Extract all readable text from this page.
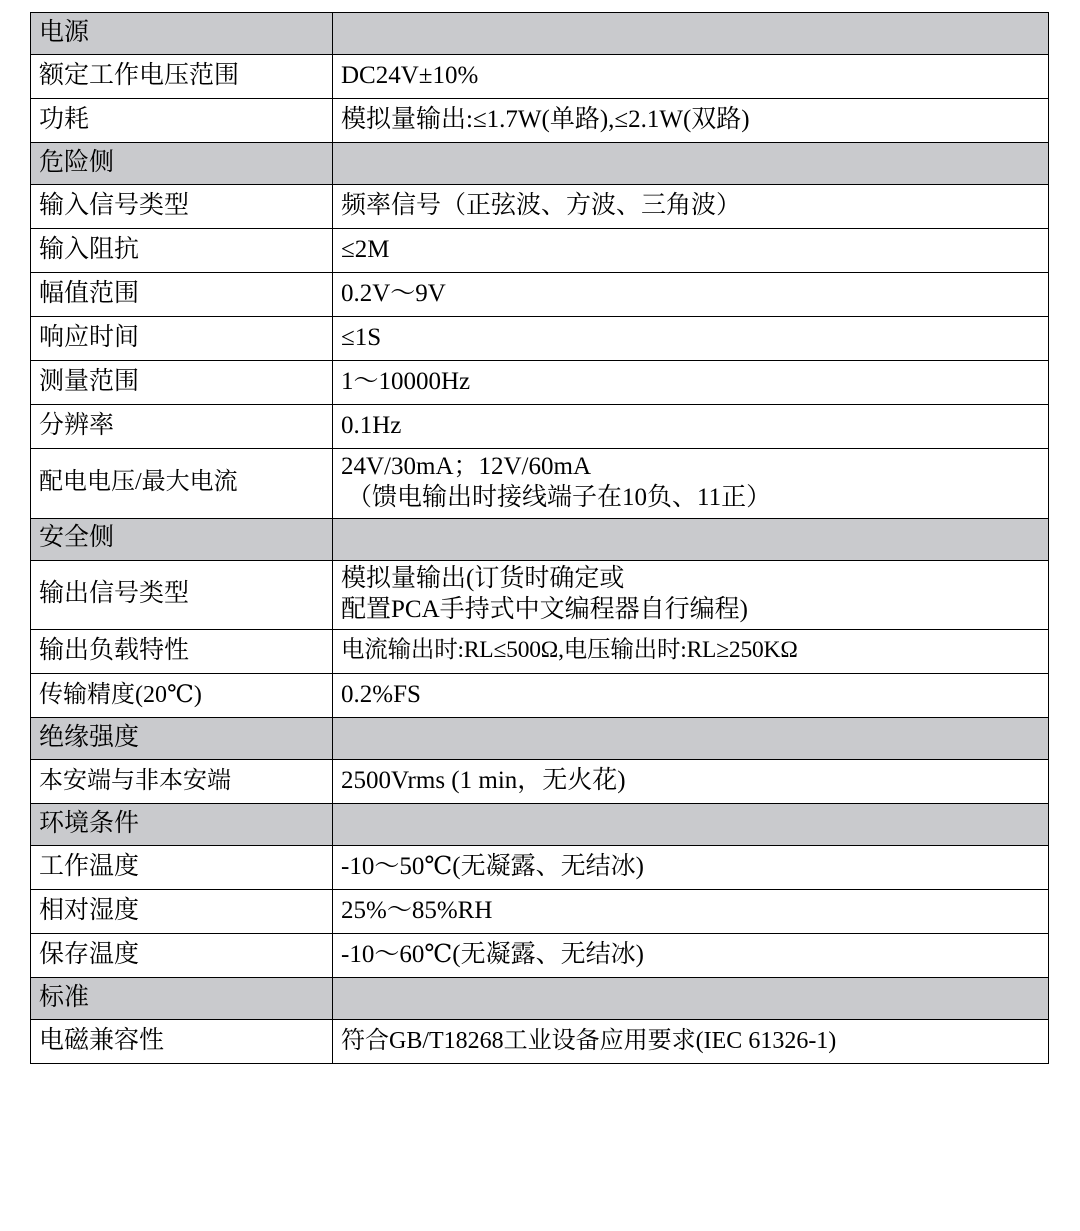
电源	
额定工作电压范围	DC24V±10%
功耗	模拟量输出:≤1.7W(单路),≤2.1W(双路)
危险侧	
输入信号类型	频率信号（正弦波、方波、三角波）
输入阻抗	≤2M
幅值范围	0.2V～9V
响应时间	≤1S
测量范围	1～10000Hz
分辨率	0.1Hz
配电电压/最大电流	24V/30mA；12V/60mA
（馈电输出时接线端子在10负、11正）

安全侧	
输出信号类型	模拟量输出(订货时确定或
配置PCA手持式中文编程器自行编程)

输出负载特性	电流输出时:RL≤500Ω,电压输出时:RL≥250KΩ
传输精度(20℃)	0.2%FS
绝缘强度	
本安端与非本安端	2500Vrms (1 min，无火花)
环境条件	
工作温度	-10～50℃(无凝露、无结冰)
相对湿度	25%～85%RH
保存温度	-10～60℃(无凝露、无结冰)
标准	
电磁兼容性	符合GB/T18268工业设备应用要求(IEC 61326-1)
